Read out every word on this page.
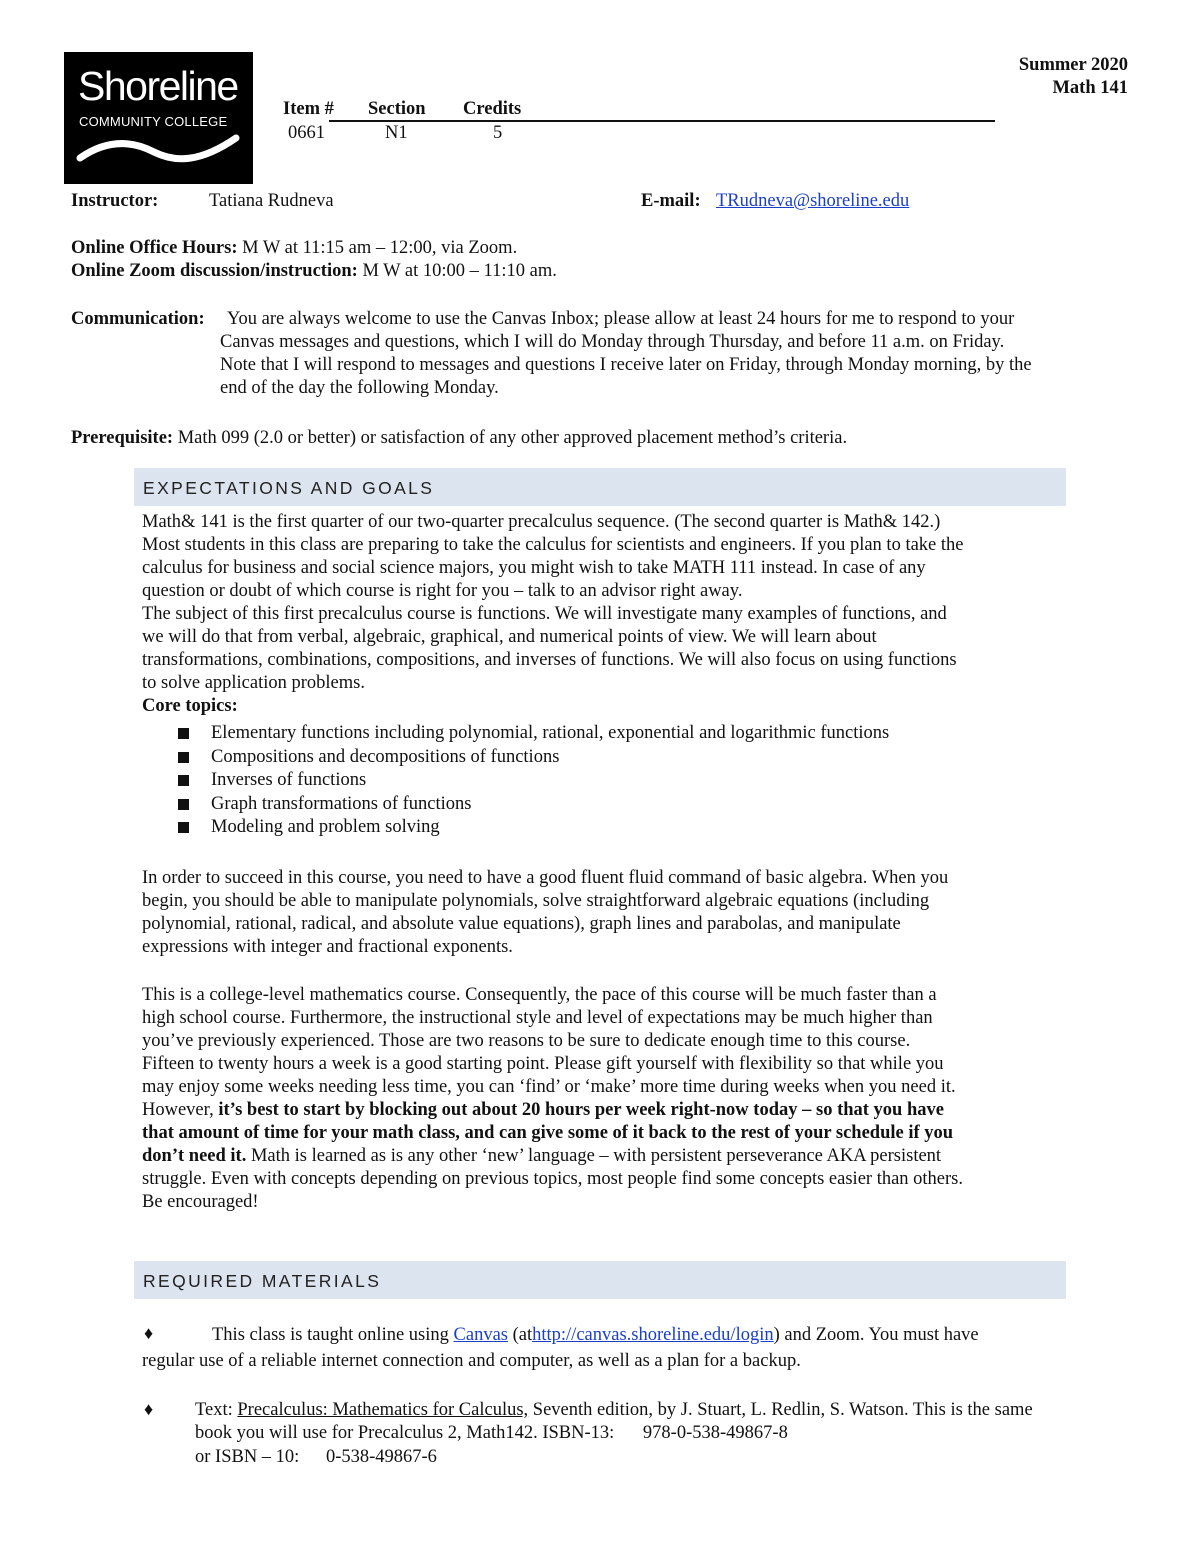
Shoreline
COMMUNITY COLLEGE
Item # Section Credits
0661	N1	5
Summer 2020
Math 141
Instructor:	Tatiana Rudneva	E-mail: TRudneva@shoreline.edu
Online Office Hours: M W at 11:15 am – 12:00, via Zoom.
Online Zoom discussion/instruction: M W at 10:00 – 11:10 am.
Communication: You are always welcome to use the Canvas Inbox; please allow at least 24 hours for me to respond to your
Canvas messages and questions, which I will do Monday through Thursday, and before 11 a.m. on Friday.
Note that I will respond to messages and questions I receive later on Friday, through Monday morning, by the
end of the day the following Monday.
Prerequisite: Math 099 (2.0 or better) or satisfaction of any other approved placement method’s criteria.
EXPECTATIONS AND GOALS
Math& 141 is the first quarter of our two-quarter precalculus sequence. (The second quarter is Math& 142.)
Most students in this class are preparing to take the calculus for scientists and engineers. If you plan to take the
calculus for business and social science majors, you might wish to take MATH 111 instead. In case of any
question or doubt of which course is right for you – talk to an advisor right away.
The subject of this first precalculus course is functions. We will investigate many examples of functions, and
we will do that from verbal, algebraic, graphical, and numerical points of view. We will learn about
transformations, combinations, compositions, and inverses of functions. We will also focus on using functions
to solve application problems.
Core topics:
Elementary functions including polynomial, rational, exponential and logarithmic functions
Compositions and decompositions of functions
Inverses of functions
Graph transformations of functions
Modeling and problem solving
In order to succeed in this course, you need to have a good fluent fluid command of basic algebra. When you
begin, you should be able to manipulate polynomials, solve straightforward algebraic equations (including
polynomial, rational, radical, and absolute value equations), graph lines and parabolas, and manipulate
expressions with integer and fractional exponents.
This is a college-level mathematics course. Consequently, the pace of this course will be much faster than a
high school course. Furthermore, the instructional style and level of expectations may be much higher than
you’ve previously experienced. Those are two reasons to be sure to dedicate enough time to this course.
Fifteen to twenty hours a week is a good starting point. Please gift yourself with flexibility so that while you
may enjoy some weeks needing less time, you can ‘find’ or ‘make’ more time during weeks when you need it.
However, it’s best to start by blocking out about 20 hours per week right-now today – so that you have
that amount of time for your math class, and can give some of it back to the rest of your schedule if you
don’t need it. Math is learned as is any other ‘new’ language – with persistent perseverance AKA persistent
struggle. Even with concepts depending on previous topics, most people find some concepts easier than others.
Be encouraged!
REQUIRED MATERIALS
♦	This class is taught online using Canvas (athttp://canvas.shoreline.edu/login) and Zoom. You must have
regular use of a reliable internet connection and computer, as well as a plan for a backup.
♦ Text: Precalculus: Mathematics for Calculus, Seventh edition, by J. Stuart, L. Redlin, S. Watson. This is the same
book you will use for Precalculus 2, Math142. ISBN-13: 978-0-538-49867-8
or ISBN – 10: 0-538-49867-6
